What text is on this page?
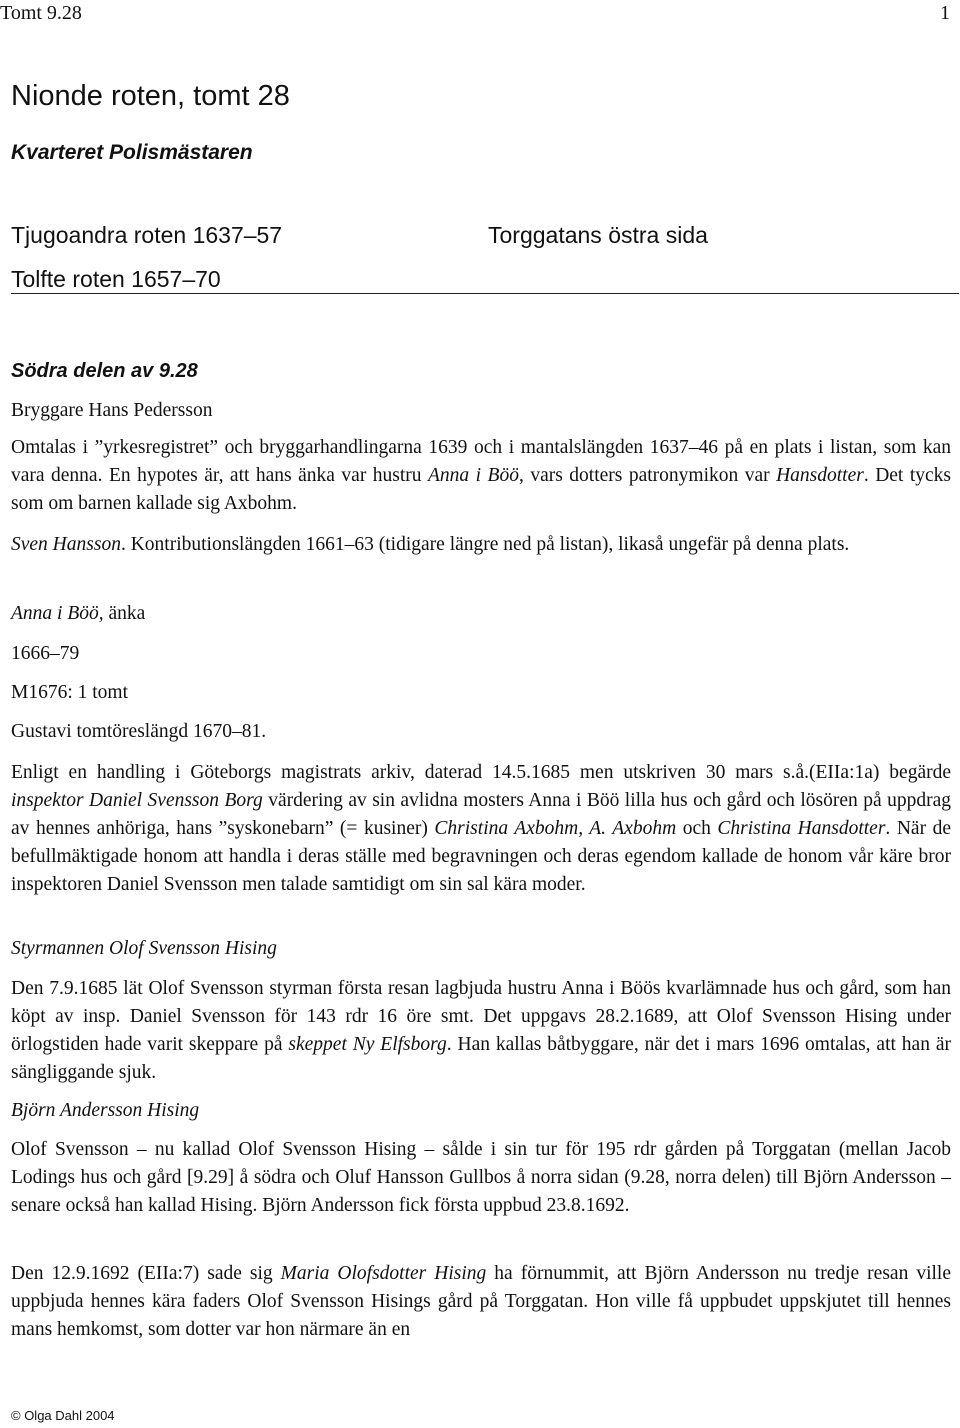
Tomt 9.28	1
Nionde roten, tomt 28
Kvarteret Polismästaren
Tjugoandra roten 1637–57	Torggatans östra sida
Tolfte roten 1657–70
Södra delen av 9.28
Bryggare Hans Pedersson

Omtalas i ”yrkesregistret” och bryggarhandlingarna 1639 och i mantalslängden 1637–46 på en plats i listan, som kan vara denna. En hypotes är, att hans änka var hustru Anna i Böö, vars dotters patronymikon var Hansdotter. Det tycks som om barnen kallade sig Axbohm.

Sven Hansson. Kontributionslängden 1661–63 (tidigare längre ned på listan), likaså ungefär på denna plats.

Anna i Böö, änka
1666–79
M1676: 1 tomt
Gustavi tomtöreslängd 1670–81.

Enligt en handling i Göteborgs magistrats arkiv, daterad 14.5.1685 men utskriven 30 mars s.å.(EIIa:1a) begärde inspektor Daniel Svensson Borg värdering av sin avlidna mosters Anna i Böö lilla hus och gård och lösören på uppdrag av hennes anhöriga, hans ”syskonebarn” (= kusiner) Christina Axbohm, A. Axbohm och Christina Hansdotter. När de befullmäktigade honom att handla i deras ställe med begravningen och deras egendom kallade de honom vår käre bror inspektoren Daniel Svensson men talade samtidigt om sin sal kära moder.

Styrmannen Olof Svensson Hising

Den 7.9.1685 lät Olof Svensson styrman första resan lagbjuda hustru Anna i Böös kvarlämnade hus och gård, som han köpt av insp. Daniel Svensson för 143 rdr 16 öre smt. Det uppgavs 28.2.1689, att Olof Svensson Hising under örlogstiden hade varit skeppare på skeppet Ny Elfsborg. Han kallas båtbyggare, när det i mars 1696 omtalas, att han är sängliggande sjuk.

Björn Andersson Hising

Olof Svensson – nu kallad Olof Svensson Hising – sålde i sin tur för 195 rdr gården på Torggatan (mellan Jacob Lodings hus och gård [9.29] å södra och Oluf Hansson Gullbos å norra sidan (9.28, norra delen) till Björn Andersson – senare också han kallad Hising. Björn Andersson fick första uppbud 23.8.1692.

Den 12.9.1692 (EIIa:7) sade sig Maria Olofsdotter Hising ha förnummit, att Björn Andersson nu tredje resan ville uppbjuda hennes kära faders Olof Svensson Hisings gård på Torggatan. Hon ville få uppbudet uppskjutet till hennes mans hemkomst, som dotter var hon närmare än en

© Olga Dahl 2004
